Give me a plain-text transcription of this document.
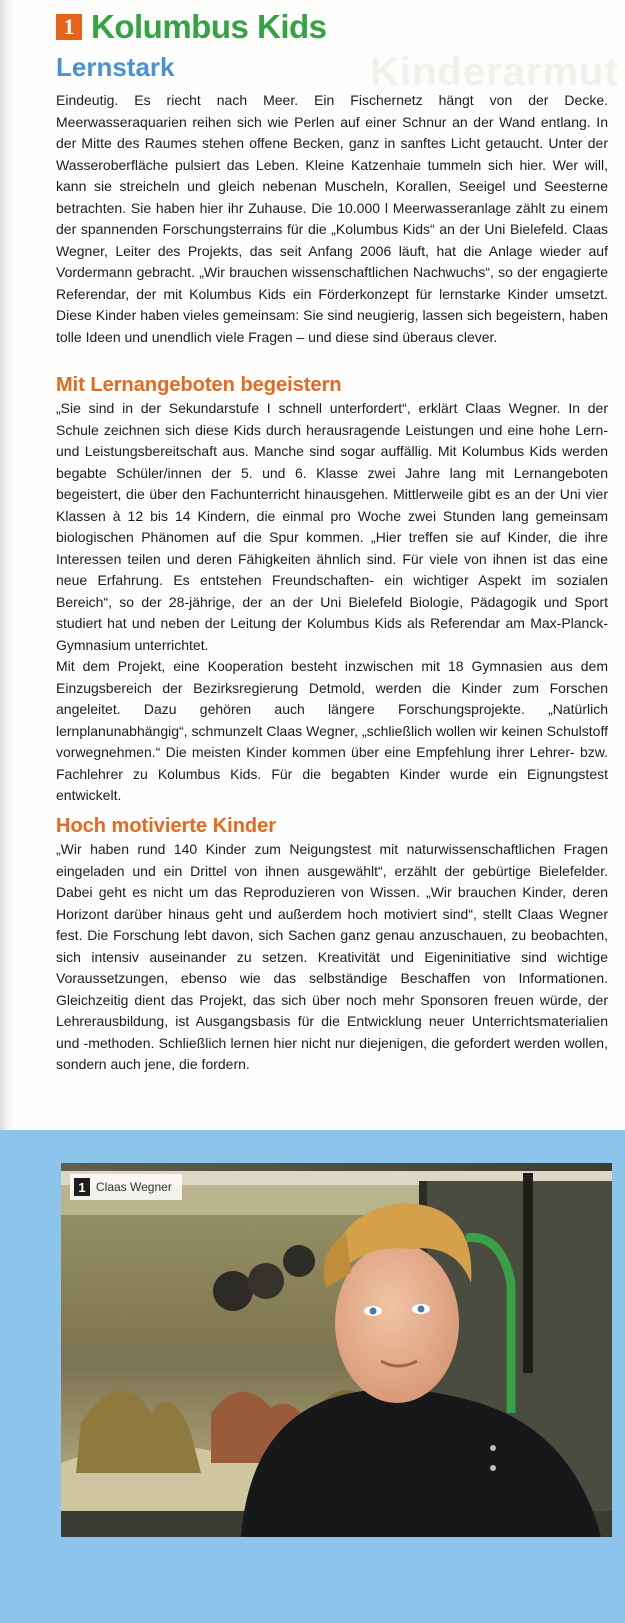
Kinderarmut
1 Kolumbus Kids
Lernstark

Eindeutig. Es riecht nach Meer. Ein Fischernetz hängt von der Decke. Meerwasseraquarien reihen sich wie Perlen auf einer Schnur an der Wand entlang. In der Mitte des Raumes stehen offene Becken, ganz in sanftes Licht getaucht. Unter der Wasseroberfläche pulsiert das Leben. Kleine Katzenhaie tummeln sich hier. Wer will, kann sie streicheln und gleich nebenan Muscheln, Korallen, Seeigel und Seesterne betrachten. Sie haben hier ihr Zuhause. Die 10.000 l Meerwasseranlage zählt zu einem der spannenden Forschungsterrains für die „Kolumbus Kids“ an der Uni Bielefeld. Claas Wegner, Leiter des Projekts, das seit Anfang 2006 läuft, hat die Anlage wieder auf Vordermann gebracht. „Wir brauchen wissenschaftlichen Nachwuchs“, so der engagierte Referendar, der mit Kolumbus Kids ein Förderkonzept für lernstarke Kinder umsetzt. Diese Kinder haben vieles gemeinsam: Sie sind neugierig, lassen sich begeistern, haben tolle Ideen und unendlich viele Fragen – und diese sind überaus clever.

Mit Lernangeboten begeistern

„Sie sind in der Sekundarstufe I schnell unterfordert“, erklärt Claas Wegner. In der Schule zeichnen sich diese Kids durch herausragende Leistungen und eine hohe Lern- und Leistungsbereitschaft aus. Manche sind sogar auffällig. Mit Kolumbus Kids werden begabte Schüler/innen der 5. und 6. Klasse zwei Jahre lang mit Lernangeboten begeistert, die über den Fachunterricht hinausgehen. Mittlerweile gibt es an der Uni vier Klassen à 12 bis 14 Kindern, die einmal pro Woche zwei Stunden lang gemeinsam biologischen Phänomen auf die Spur kommen. „Hier treffen sie auf Kinder, die ihre Interessen teilen und deren Fähigkeiten ähnlich sind. Für viele von ihnen ist das eine neue Erfahrung. Es entstehen Freundschaften- ein wichtiger Aspekt im sozialen Bereich“, so der 28-jährige, der an der Uni Bielefeld Biologie, Pädagogik und Sport studiert hat und neben der Leitung der Kolumbus Kids als Referendar am Max-Planck-Gymnasium unterrichtet.

Mit dem Projekt, eine Kooperation besteht inzwischen mit 18 Gymnasien aus dem Einzugsbereich der Bezirksregierung Detmold, werden die Kinder zum Forschen angeleitet. Dazu gehören auch längere Forschungsprojekte. „Natürlich lernplanunabhängig“, schmunzelt Claas Wegner, „schließlich wollen wir keinen Schulstoff vorwegnehmen.“ Die meisten Kinder kommen über eine Empfehlung ihrer Lehrer- bzw. Fachlehrer zu Kolumbus Kids. Für die begabten Kinder wurde ein Eignungstest entwickelt.

Hoch motivierte Kinder

„Wir haben rund 140 Kinder zum Neigungstest mit naturwissenschaftlichen Fragen eingeladen und ein Drittel von ihnen ausgewählt“, erzählt der gebürtige Bielefelder. Dabei geht es nicht um das Reproduzieren von Wissen. „Wir brauchen Kinder, deren Horizont darüber hinaus geht und außerdem hoch motiviert sind“, stellt Claas Wegner fest. Die Forschung lebt davon, sich Sachen ganz genau anzuschauen, zu beobachten, sich intensiv auseinander zu setzen. Kreativität und Eigeninitiative sind wichtige Voraussetzungen, ebenso wie das selbständige Beschaffen von Informationen. Gleichzeitig dient das Projekt, das sich über noch mehr Sponsoren freuen würde, der Lehrerausbildung, ist Ausgangsbasis für die Entwicklung neuer Unterrichtsmaterialien und -methoden. Schließlich lernen hier nicht nur diejenigen, die gefordert werden wollen, sondern auch jene, die fordern.

1 Claas Wegner
